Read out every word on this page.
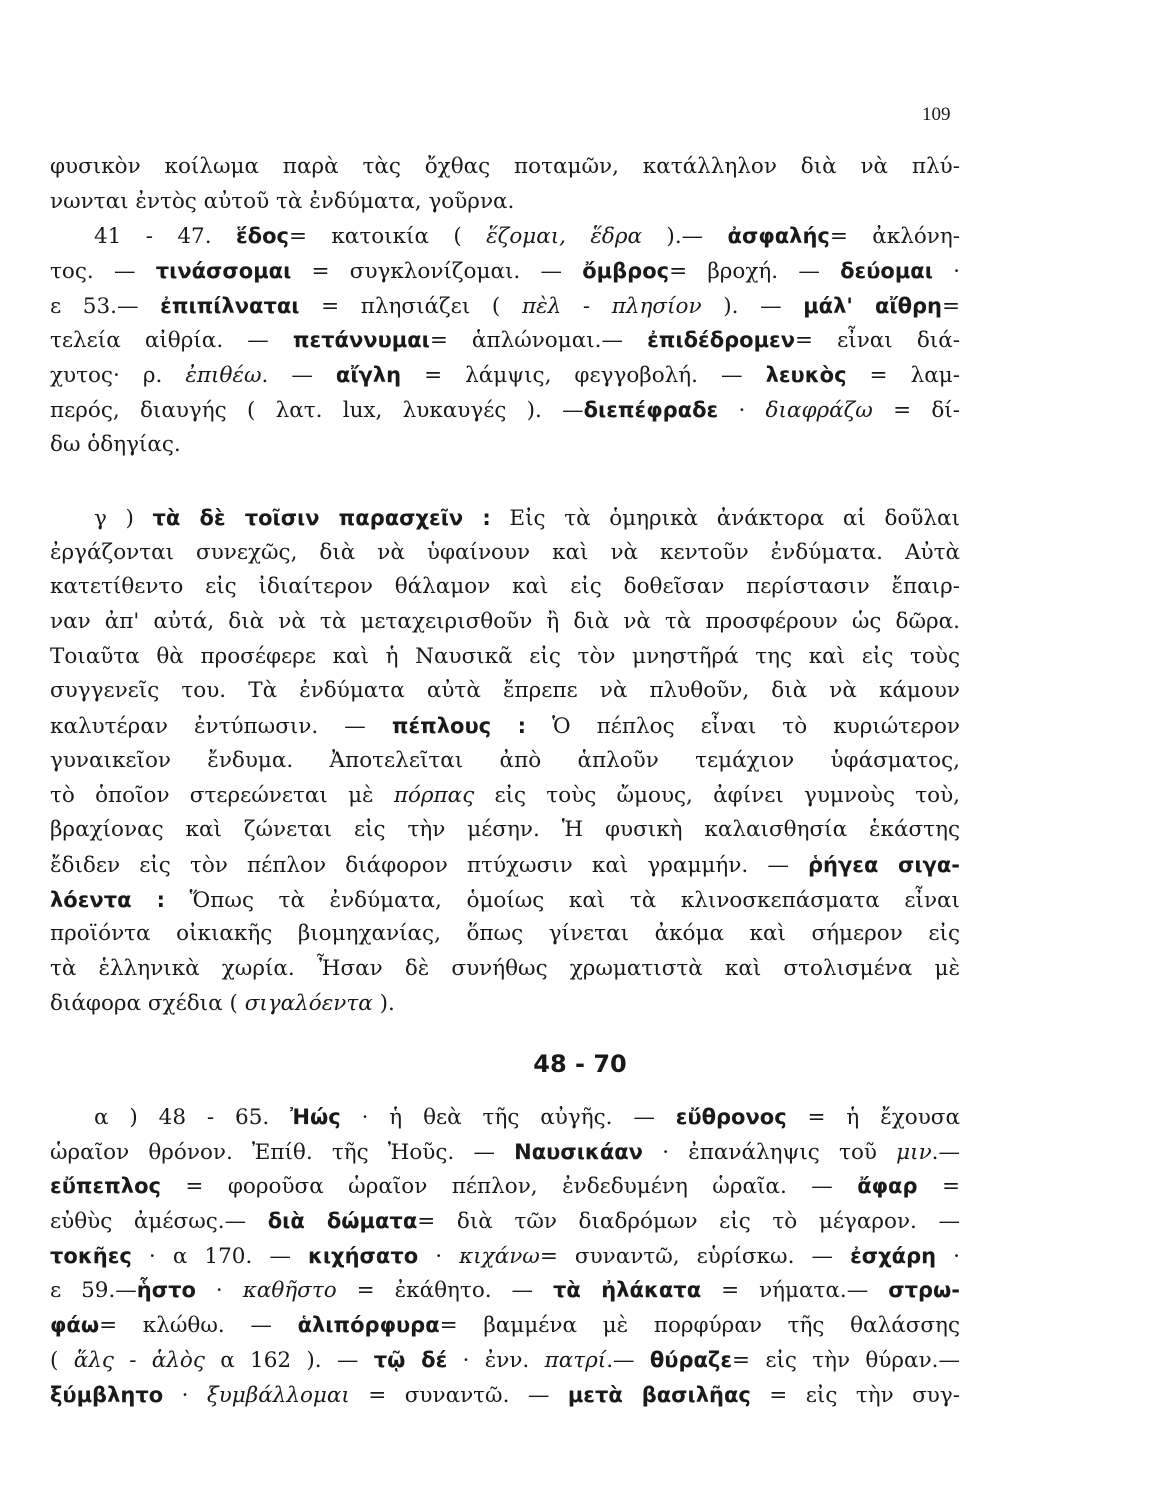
109
φυσικὸν κοίλωμα παρὰ τὰς ὄχθας ποταμῶν, κατάλληλον διὰ νὰ πλύ-
νωνται ἐντὸς αὐτοῦ τὰ ἐνδύματα, γοῦρνα.
41 - 47. ἕδος= κατοικία ( ἕζομαι, ἕδρα ).— ἀσφαλής= ἀκλόνη-
τος. — τινάσσομαι = συγκλονίζομαι. — ὄμβρος= βροχή. — δεύομαι ·
ε 53.— ἐπιπίλναται = πλησιάζει ( πὲλ - πλησίον ). — μάλ' αἴθρη=
τελεία αἰθρία. — πετάννυμαι= ἁπλώνομαι.— ἐπιδέδρομεν= εἶναι διά-
χυτος· ρ. ἐπιθέω. — αἴγλη = λάμψις, φεγγοβολή. — λευκὸς = λαμ-
περός, διαυγής ( λατ. lux, λυκαυγές ). —διεπέφραδε · διαφράζω = δί-
δω ὁδηγίας.
γ ) τὰ δὲ τοῖσιν παρασχεῖν : Εἰς τὰ ὁμηρικὰ ἀνάκτορα αἱ δοῦλαι
ἐργάζονται συνεχῶς, διὰ νὰ ὑφαίνουν καὶ νὰ κεντοῦν ἐνδύματα. Αὐτὰ
κατετίθεντο εἰς ἰδιαίτερον θάλαμον καὶ εἰς δοθεῖσαν περίστασιν ἔπαιρ-
ναν ἀπ' αὐτά, διὰ νὰ τὰ μεταχειρισθοῦν ἢ διὰ νὰ τὰ προσφέρουν ὡς δῶρα.
Τοιαῦτα θὰ προσέφερε καὶ ἡ Ναυσικᾶ εἰς τὸν μνηστῆρά της καὶ εἰς τοὺς
συγγενεῖς του. Τὰ ἐνδύματα αὐτὰ ἔπρεπε νὰ πλυθοῦν, διὰ νὰ κάμουν
καλυτέραν ἐντύπωσιν. — πέπλους : Ὁ πέπλος εἶναι τὸ κυριώτερον
γυναικεῖον ἔνδυμα. Ἀποτελεῖται ἀπὸ ἁπλοῦν τεμάχιον ὑφάσματος,
τὸ ὁποῖον στερεώνεται μὲ πόρπας εἰς τοὺς ὤμους, ἀφίνει γυμνοὺς τοὺ,
βραχίονας καὶ ζώνεται εἰς τὴν μέσην. Ἡ φυσικὴ καλαισθησία ἑκάστης
ἔδιδεν εἰς τὸν πέπλον διάφορον πτύχωσιν καὶ γραμμήν. — ῥήγεα σιγα-
λόεντα : Ὅπως τὰ ἐνδύματα, ὁμοίως καὶ τὰ κλινοσκεπάσματα εἶναι
προϊόντα οἰκιακῆς βιομηχανίας, ὅπως γίνεται ἀκόμα καὶ σήμερον εἰς
τὰ ἑλληνικὰ χωρία. Ἦσαν δὲ συνήθως χρωματιστὰ καὶ στολισμένα μὲ
διάφορα σχέδια ( σιγαλόεντα ).
48 - 70
α ) 48 - 65. Ἠώς · ἡ θεὰ τῆς αὐγῆς. — εὔθρονος = ἡ ἔχουσα
ὡραῖον θρόνον. Ἐπίθ. τῆς Ἠοῦς. — Ναυσικάαν · ἐπανάληψις τοῦ μιν.—
εὔπεπλος = φοροῦσα ὡραῖον πέπλον, ἐνδεδυμένη ὡραῖα. — ἄφαρ =
εὐθὺς ἀμέσως.— διὰ δώματα= διὰ τῶν διαδρόμων εἰς τὸ μέγαρον. —
τοκῆες · α 170. — κιχήσατο · κιχάνω= συναντῶ, εὑρίσκω. — ἐσχάρη ·
ε 59.—ἧστο · καθῆστο = ἐκάθητο. — τὰ ἠλάκατα = νήματα.— στρω-
φάω= κλώθω. — ἁλιπόρφυρα= βαμμένα μὲ πορφύραν τῆς θαλάσσης
( ἅλς - ἁλὸς α 162 ). — τῷ δέ · ἐνν. πατρί.— θύραζε= εἰς τὴν θύραν.—
ξύμβλητο · ξυμβάλλομαι = συναντῶ. — μετὰ βασιλῆας = εἰς τὴν συγ-
